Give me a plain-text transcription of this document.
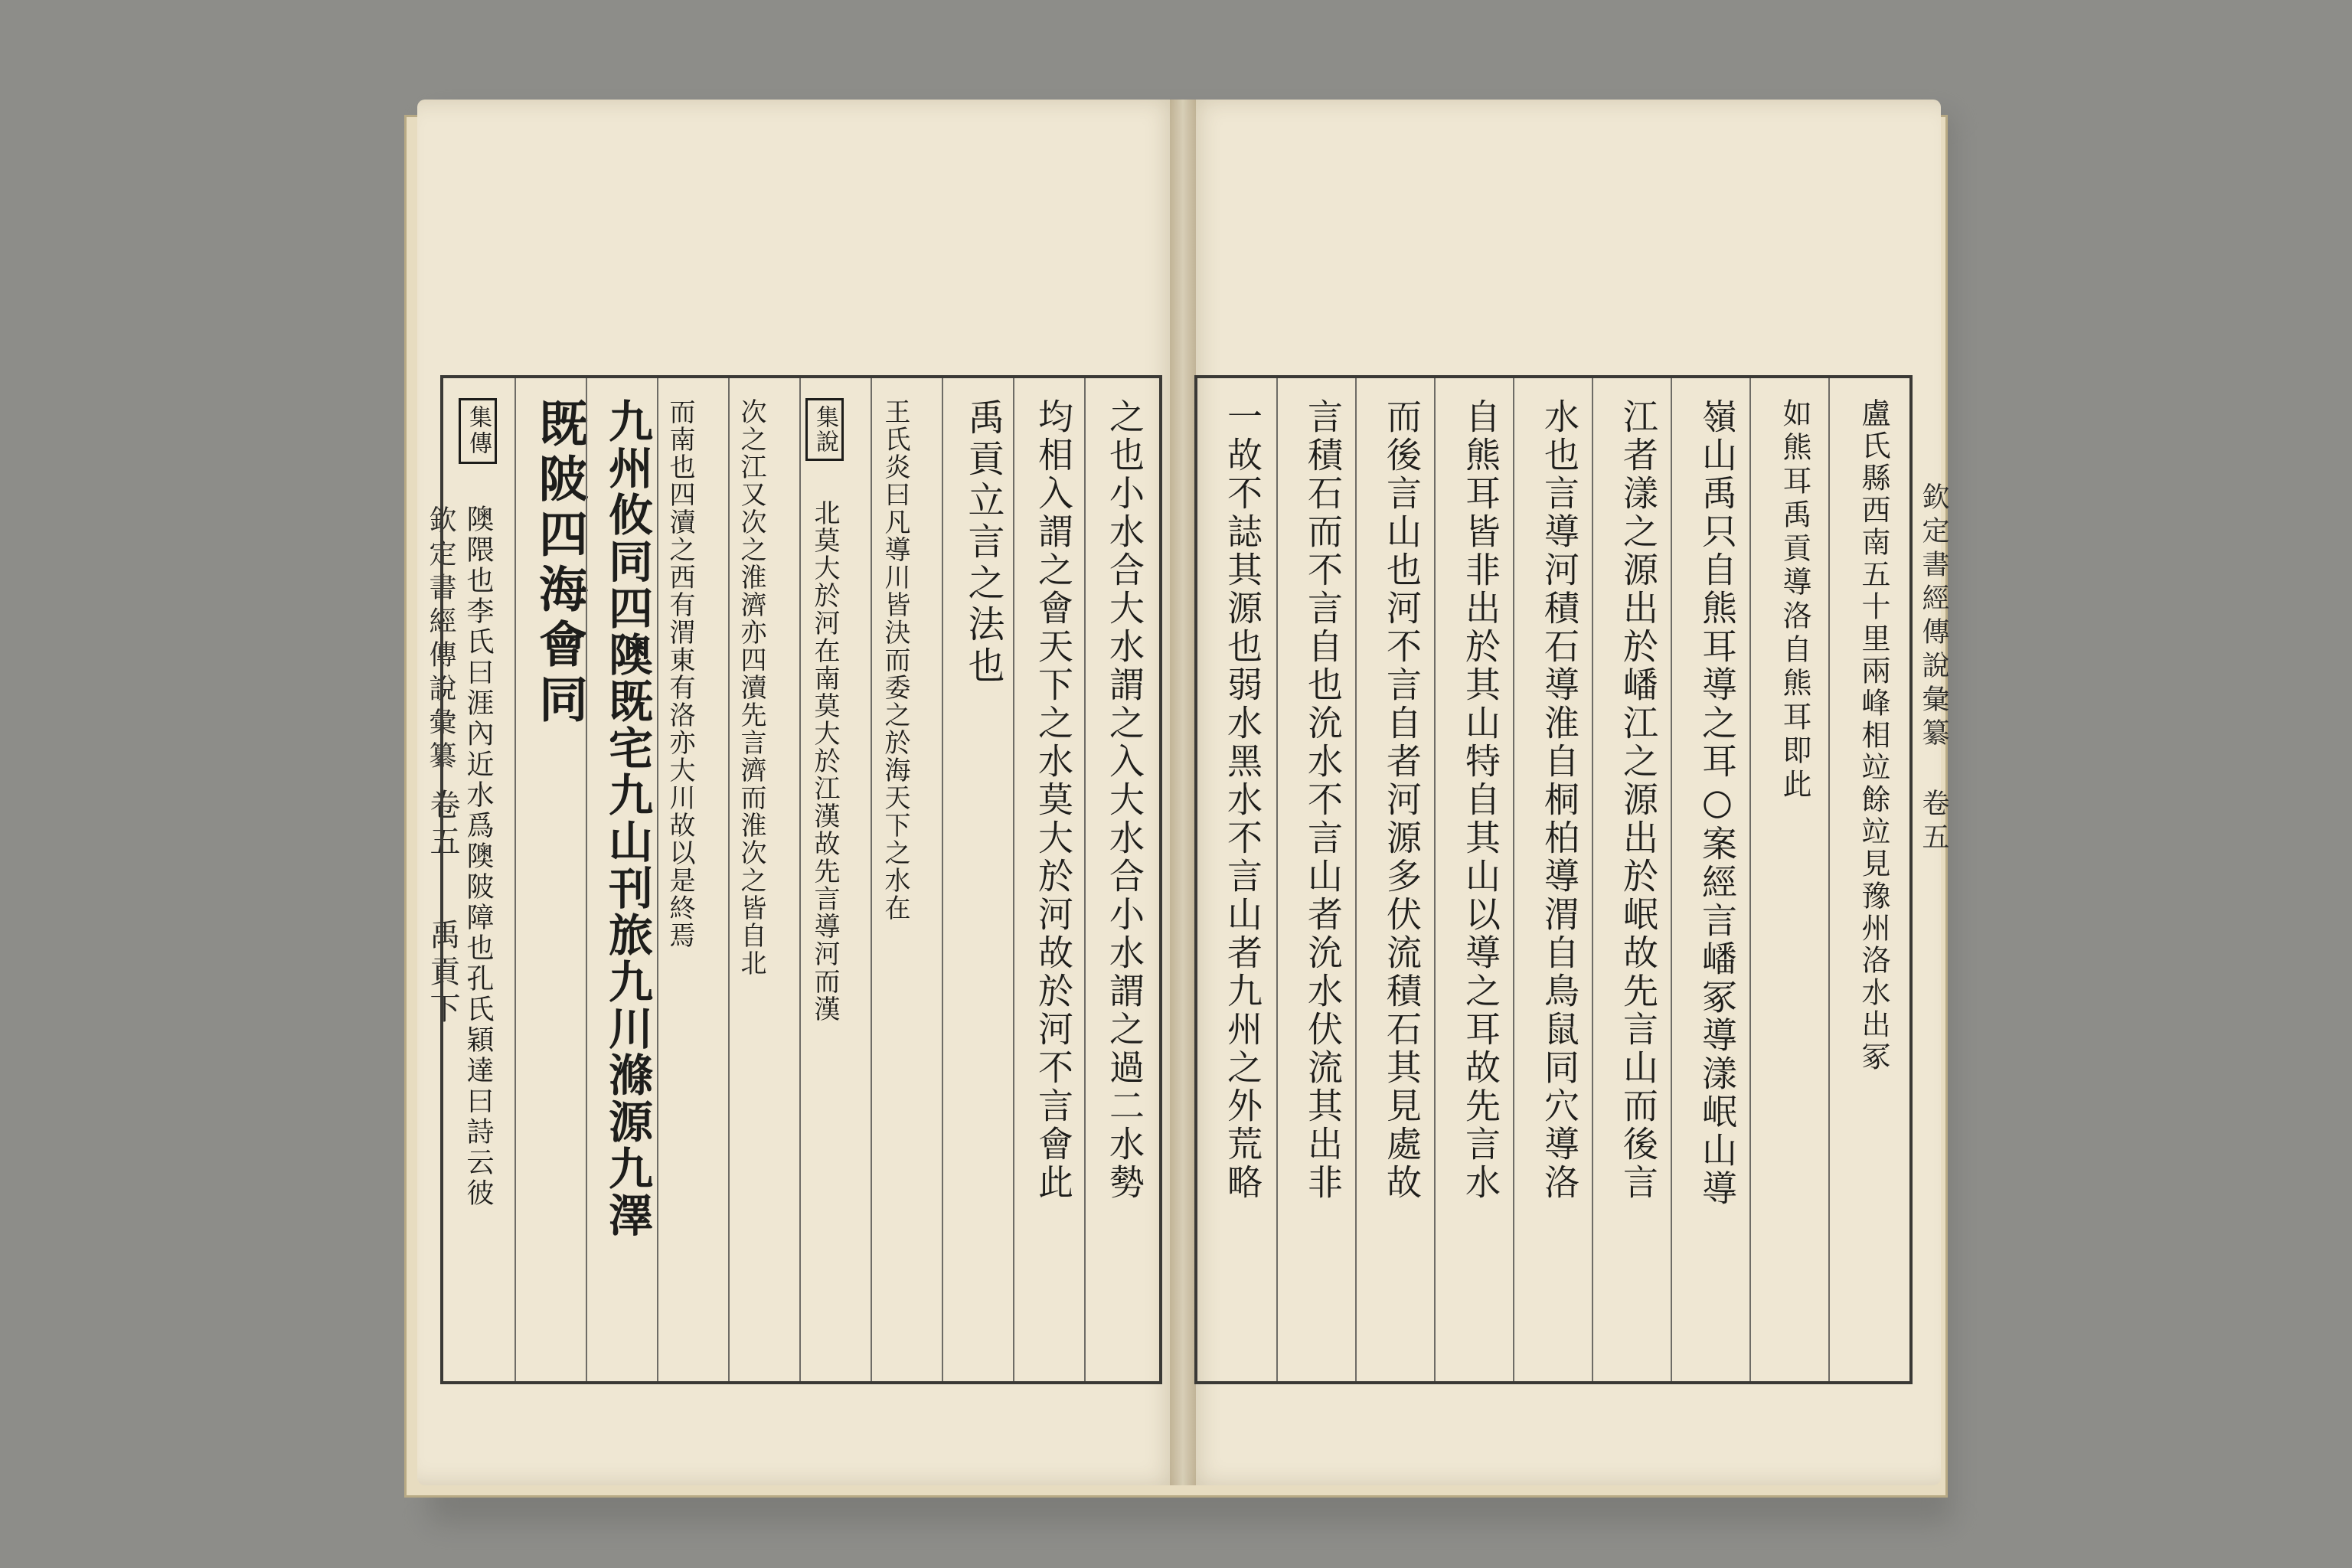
欽定書經傳說彙纂
卷五
禹貢下
欽定書經傳說彙纂
卷五
集傳 隩隈也李氏曰涯內近水爲隩陂障也孔氏穎達曰詩云彼 既陂四海會同 九州攸同四隩既宅九山刊旅九川滌源九澤 而南也四瀆之西有渭東有洛亦大川故以是終焉 次之江又次之淮濟亦四瀆先言濟而淮次之皆自北 集說 北莫大於河在南莫大於江漢故先言導河而漢 王氏炎曰凡導川皆決而委之於海天下之水在 禹貢立言之法也 均相入謂之會天下之水莫大於河故於河不言會此 之也小水合大水謂之入大水合小水謂之過二水勢 一故不誌其源也弱水黑水不言山者九州之外荒略 言積石而不言自也沇水不言山者沇水伏流其出非 而後言山也河不言自者河源多伏流積石其見處故 自熊耳皆非出於其山特自其山以導之耳故先言水 水也言導河積石導淮自桐柏導渭自鳥鼠同穴導洛 江者漾之源出於嶓江之源出於岷故先言山而後言 嶺山禹只自熊耳導之耳○案經言嶓冢導漾岷山導 如熊耳禹貢導洛自熊耳即此 盧氏縣西南五十里兩峰相竝餘竝見豫州洛水出冢
